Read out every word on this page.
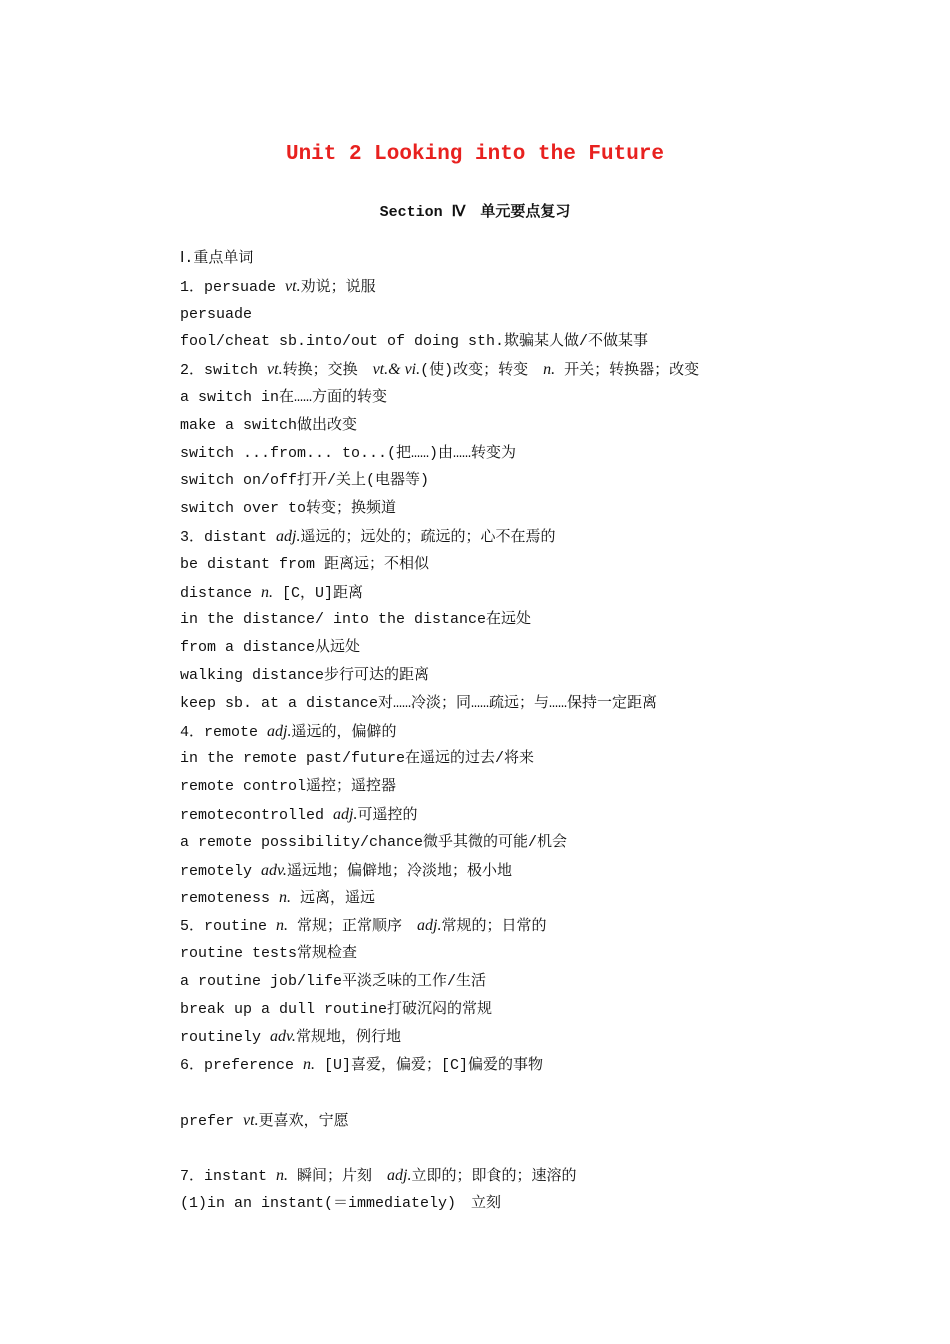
Unit 2 Looking into the Future
Section Ⅳ　单元要点复习
Ⅰ.重点单词
1．persuade vt.劝说；说服
persuade
fool/cheat sb.into/out of doing sth.欺骗某人做/不做某事
2．switch vt.转换；交换　vt.& vi.(使)改变；转变　n. 开关；转换器；改变
a switch in在……方面的转变
make a switch做出改变
switch ...from... to...(把……)由……转变为
switch on/off打开/关上(电器等)
switch over to转变；换频道
3．distant adj.遥远的；远处的；疏远的；心不在焉的
be distant from 距离远；不相似
distance n. [C，U]距离
in the distance/ into the distance在远处
from a distance从远处
walking distance步行可达的距离
keep sb. at a distance对……冷淡；同……疏远；与……保持一定距离
4．remote adj.遥远的，偏僻的
in the remote past/future在遥远的过去/将来
remote control遥控；遥控器
remotecontrolled adj.可遥控的
a remote possibility/chance微乎其微的可能/机会
remotely adv.遥远地；偏僻地；冷淡地；极小地
remoteness n. 远离，遥远
5．routine n. 常规；正常顺序　adj.常规的；日常的
routine tests常规检查
a routine job/life平淡乏味的工作/生活
break up a dull routine打破沉闷的常规
routinely adv.常规地，例行地
6．preference n. [U]喜爱，偏爱；[C]偏爱的事物
prefer vt.更喜欢，宁愿
7．instant n. 瞬间；片刻　adj.立即的；即食的；速溶的
(1)in an instant(＝immediately)　立刻
